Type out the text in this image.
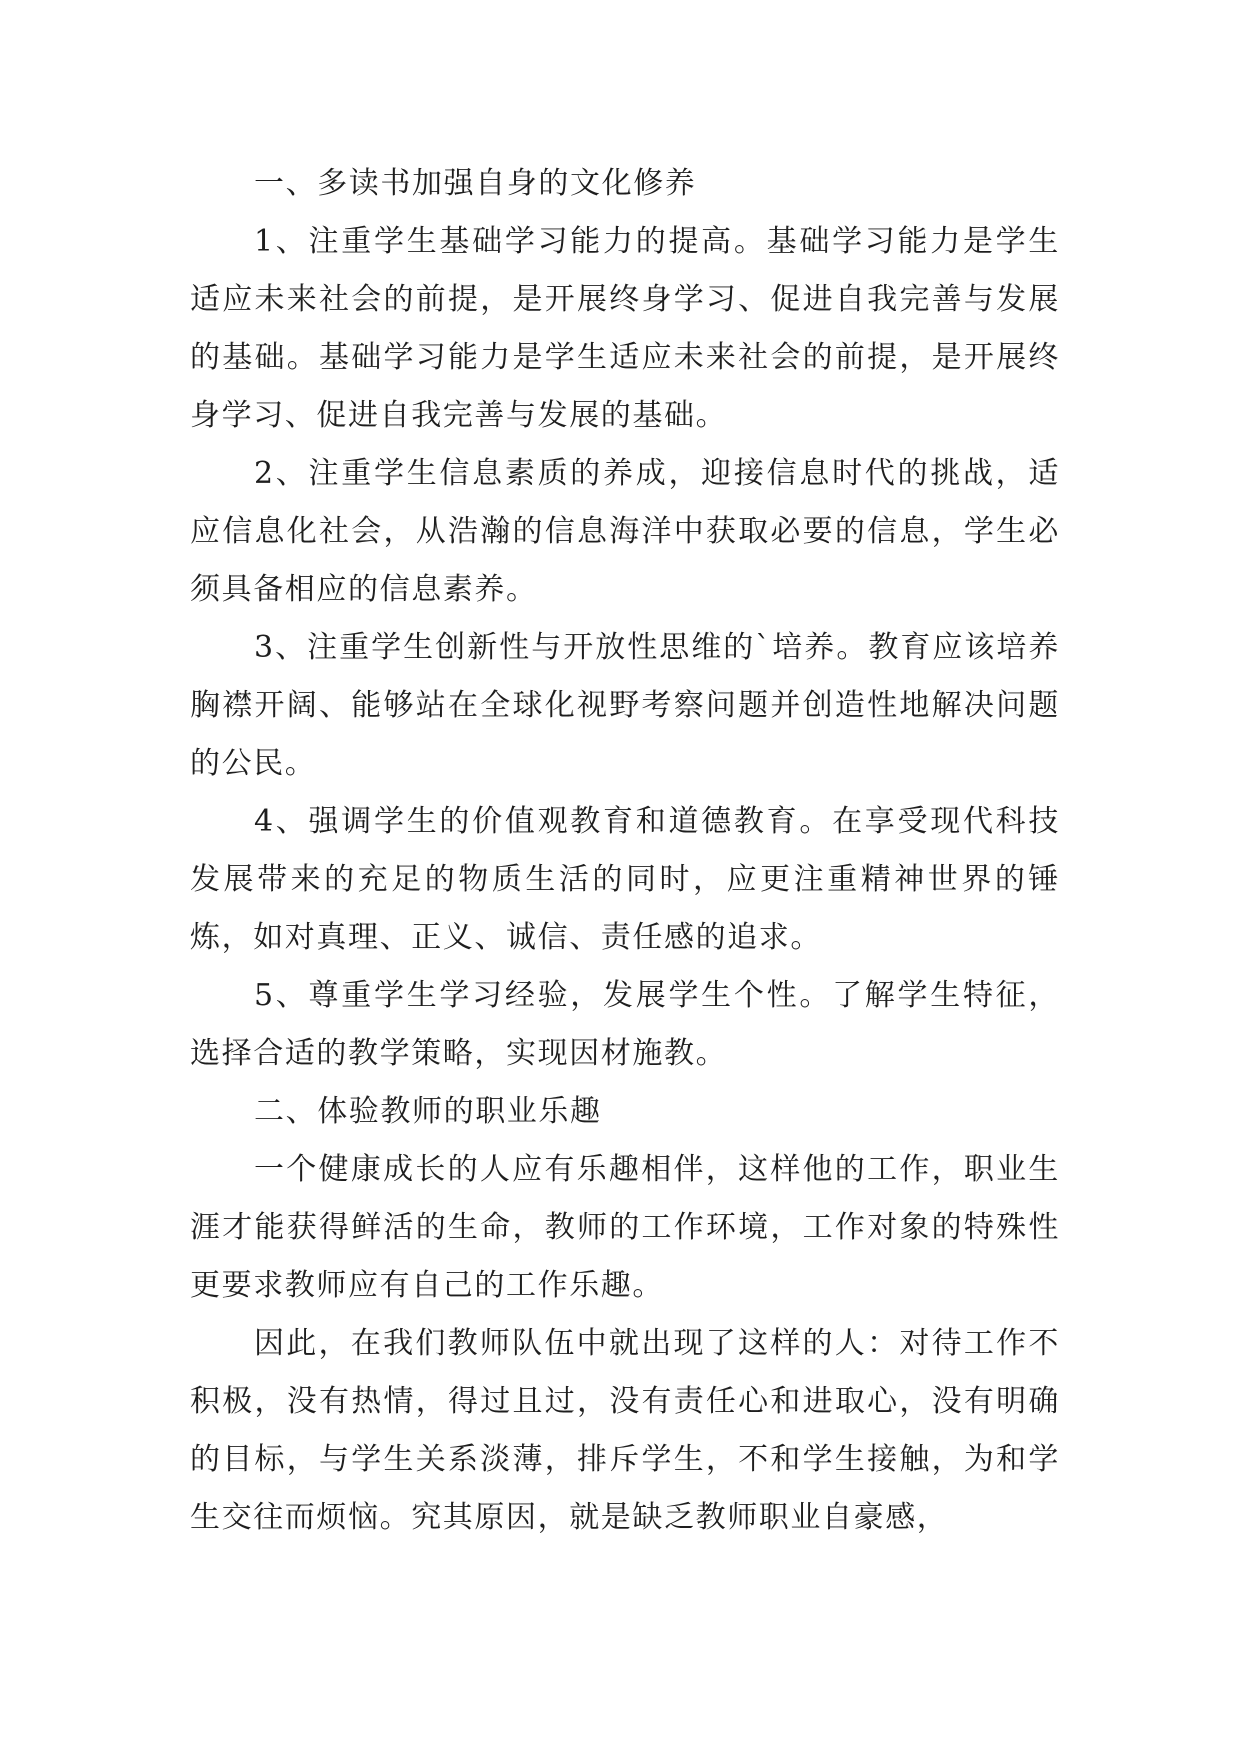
一、多读书加强自身的文化修养

1、注重学生基础学习能力的提高。基础学习能力是学生适应未来社会的前提，是开展终身学习、促进自我完善与发展的基础。基础学习能力是学生适应未来社会的前提，是开展终身学习、促进自我完善与发展的基础。

2、注重学生信息素质的养成，迎接信息时代的挑战，适应信息化社会，从浩瀚的信息海洋中获取必要的信息，学生必须具备相应的信息素养。

3、注重学生创新性与开放性思维的`培养。教育应该培养胸襟开阔、能够站在全球化视野考察问题并创造性地解决问题的公民。

4、强调学生的价值观教育和道德教育。在享受现代科技发展带来的充足的物质生活的同时，应更注重精神世界的锤炼，如对真理、正义、诚信、责任感的追求。

5、尊重学生学习经验，发展学生个性。了解学生特征，选择合适的教学策略，实现因材施教。

二、体验教师的职业乐趣

一个健康成长的人应有乐趣相伴，这样他的工作，职业生涯才能获得鲜活的生命，教师的工作环境，工作对象的特殊性更要求教师应有自己的工作乐趣。

因此，在我们教师队伍中就出现了这样的人：对待工作不积极，没有热情，得过且过，没有责任心和进取心，没有明确的目标，与学生关系淡薄，排斥学生，不和学生接触，为和学生交往而烦恼。究其原因，就是缺乏教师职业自豪感，
